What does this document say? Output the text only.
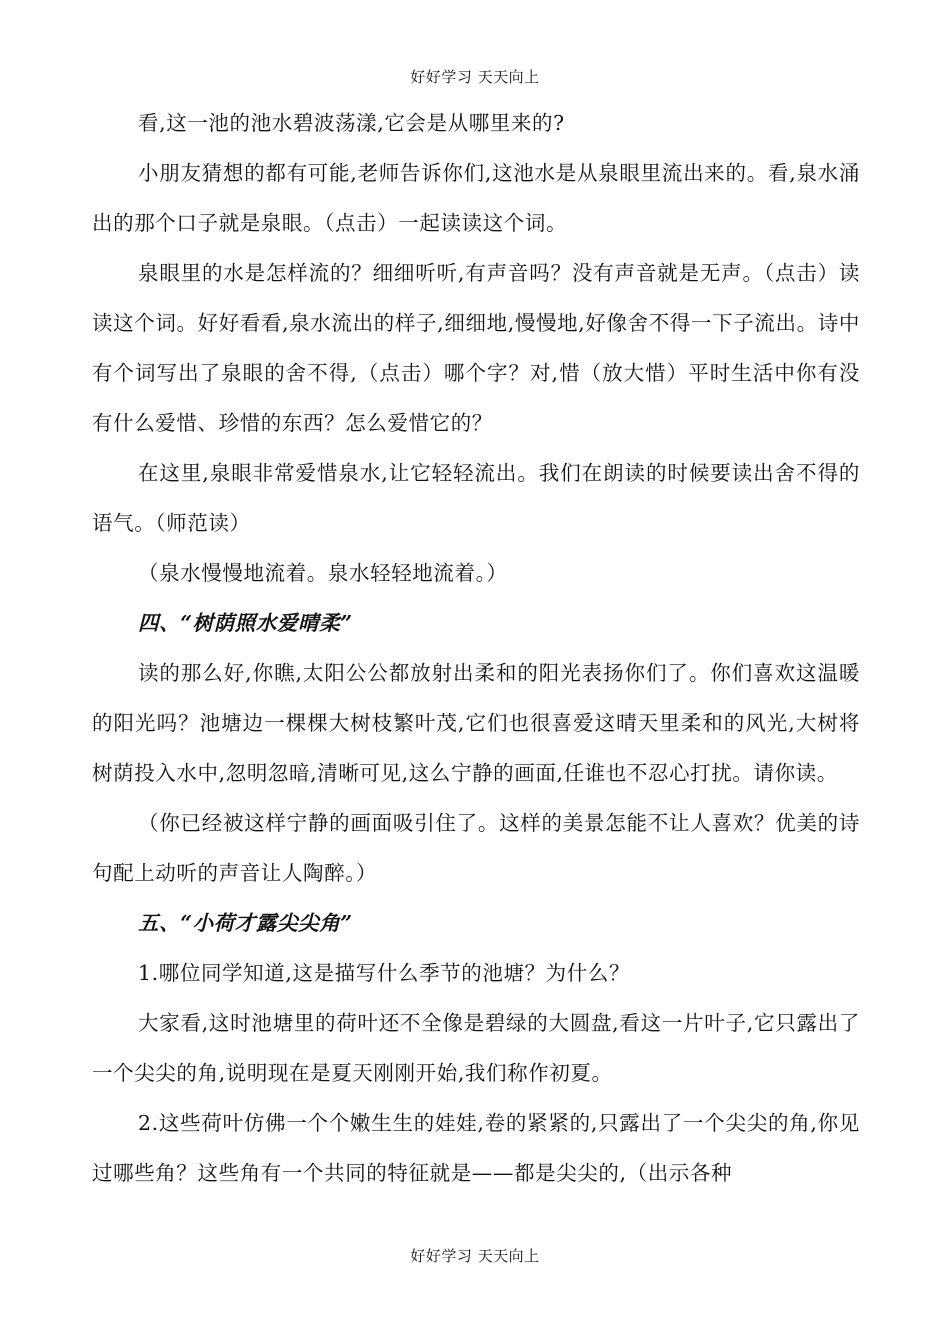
好好学习 天天向上

看,这一池的池水碧波荡漾,它会是从哪里来的?

小朋友猜想的都有可能,老师告诉你们,这池水是从泉眼里流出来的。看,泉水涌出的那个口子就是泉眼。（点击）一起读读这个词。

泉眼里的水是怎样流的？细细听听,有声音吗？没有声音就是无声。（点击）读读这个词。好好看看,泉水流出的样子,细细地,慢慢地,好像舍不得一下子流出。诗中有个词写出了泉眼的舍不得,（点击）哪个字？对,惜（放大惜）平时生活中你有没有什么爱惜、珍惜的东西？怎么爱惜它的？

在这里,泉眼非常爱惜泉水,让它轻轻流出。我们在朗读的时候要读出舍不得的语气。（师范读）

（泉水慢慢地流着。泉水轻轻地流着。）

四、“树荫照水爱晴柔”

读的那么好,你瞧,太阳公公都放射出柔和的阳光表扬你们了。你们喜欢这温暖的阳光吗？池塘边一棵棵大树枝繁叶茂,它们也很喜爱这晴天里柔和的风光,大树将树荫投入水中,忽明忽暗,清晰可见,这么宁静的画面,任谁也不忍心打扰。请你读。

（你已经被这样宁静的画面吸引住了。这样的美景怎能不让人喜欢？优美的诗句配上动听的声音让人陶醉。）

五、“小荷才露尖尖角”

1.哪位同学知道,这是描写什么季节的池塘？为什么？

大家看,这时池塘里的荷叶还不全像是碧绿的大圆盘,看这一片叶子,它只露出了一个尖尖的角,说明现在是夏天刚刚开始,我们称作初夏。

2.这些荷叶仿佛一个个嫩生生的娃娃,卷的紧紧的,只露出了一个尖尖的角,你见过哪些角？这些角有一个共同的特征就是——都是尖尖的,（出示各种

好好学习 天天向上
